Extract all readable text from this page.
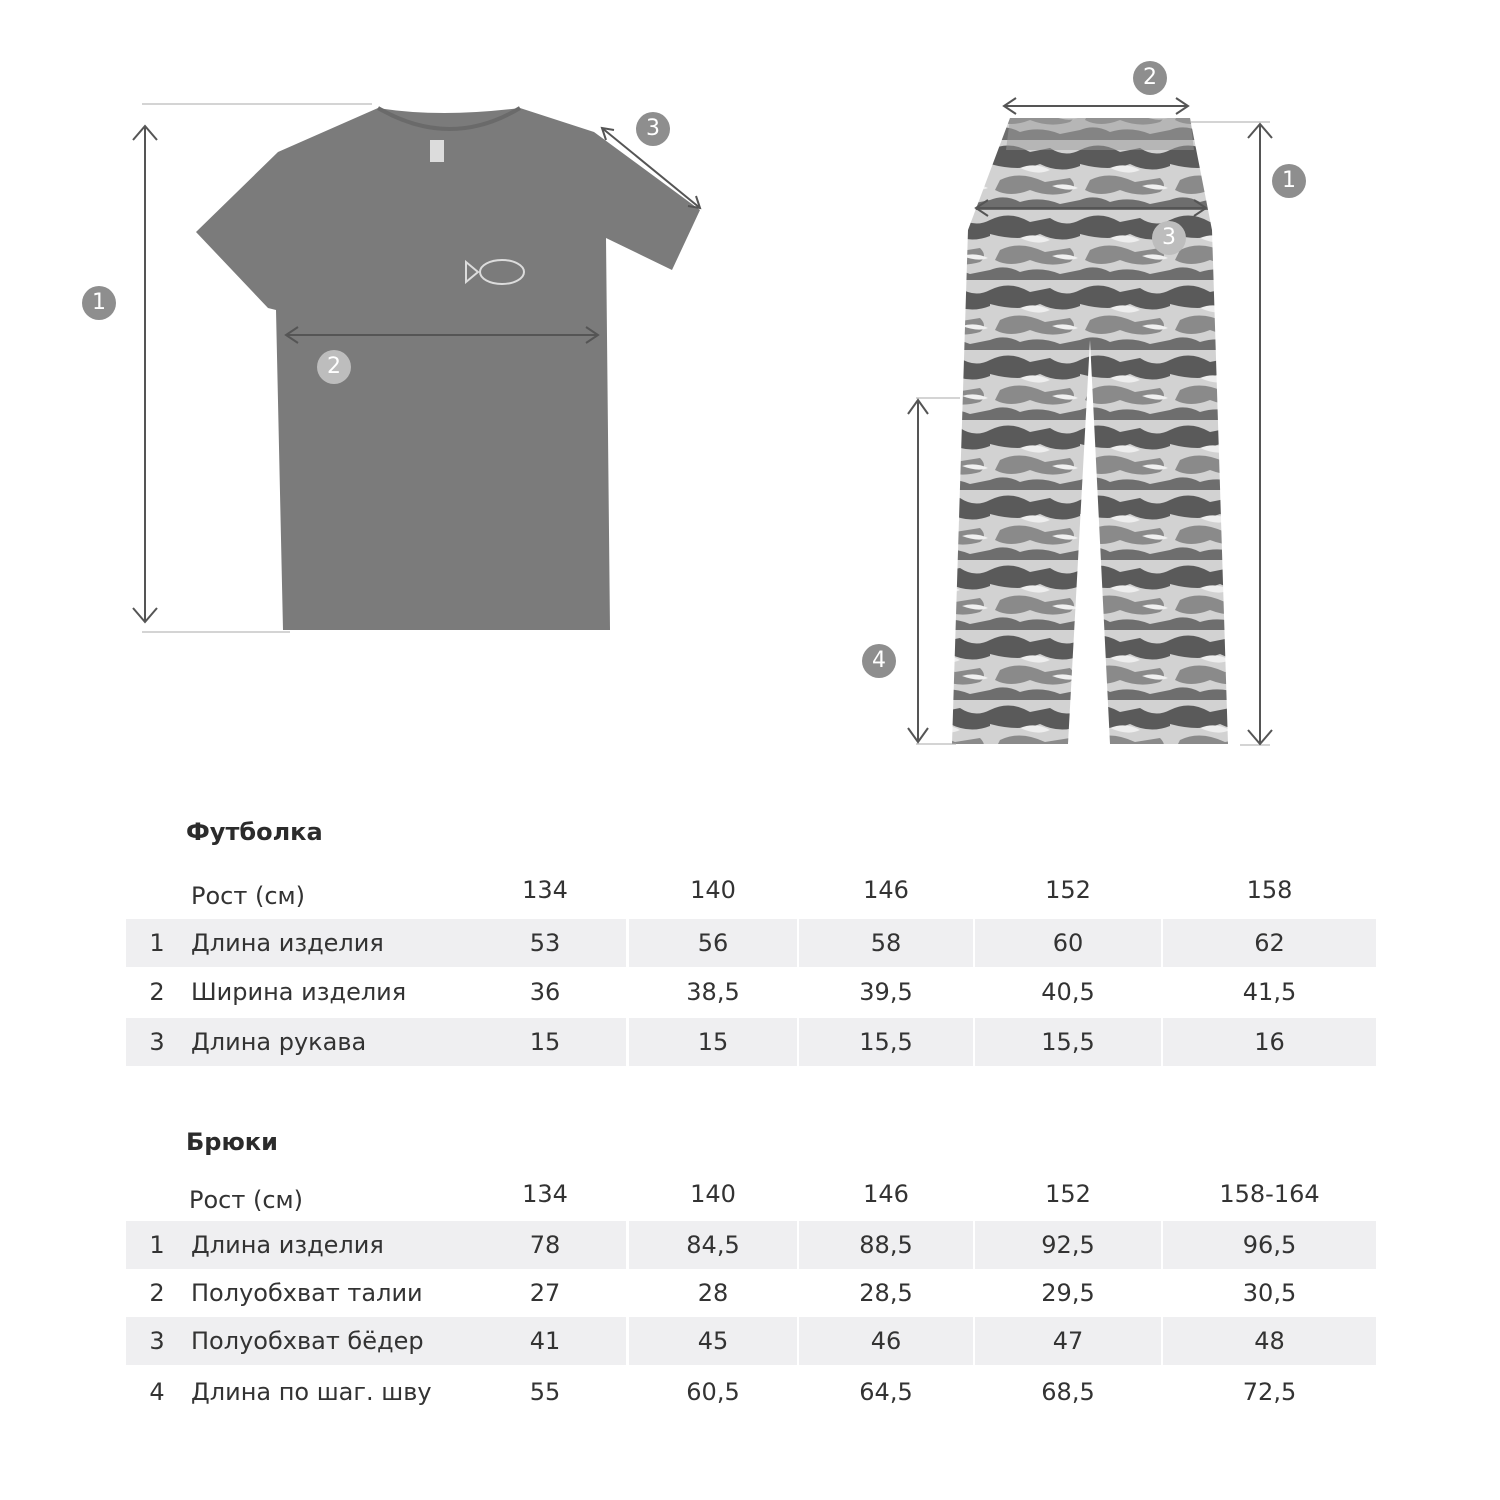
1
2
3
2
1
3
4
Футболка
Рост (см)	134	140	146	152	158
1	Длина изделия	53	56	58	60	62
2	Ширина изделия	36	38,5	39,5	40,5	41,5
3	Длина рукава	15	15	15,5	15,5	16
Брюки
Рост (см)	134	140	146	152	158-164
1	Длина изделия	78	84,5	88,5	92,5	96,5
2	Полуобхват талии	27	28	28,5	29,5	30,5
3	Полуобхват бёдер	41	45	46	47	48
4	Длина по шаг. шву	55	60,5	64,5	68,5	72,5
